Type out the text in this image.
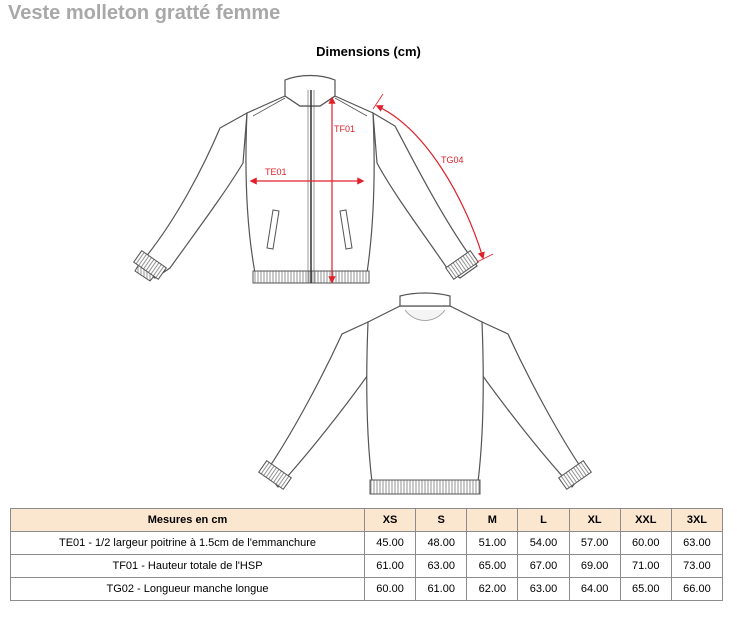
Veste molleton gratté femme
Dimensions (cm)
TE01
TF01
TG04
Mesures en cm	XS	S	M	L	XL	XXL	3XL
TE01 - 1/2 largeur poitrine à 1.5cm de l'emmanchure	45.00	48.00	51.00	54.00	57.00	60.00	63.00
TF01 - Hauteur totale de l'HSP	61.00	63.00	65.00	67.00	69.00	71.00	73.00
TG02 - Longueur manche longue	60.00	61.00	62.00	63.00	64.00	65.00	66.00
